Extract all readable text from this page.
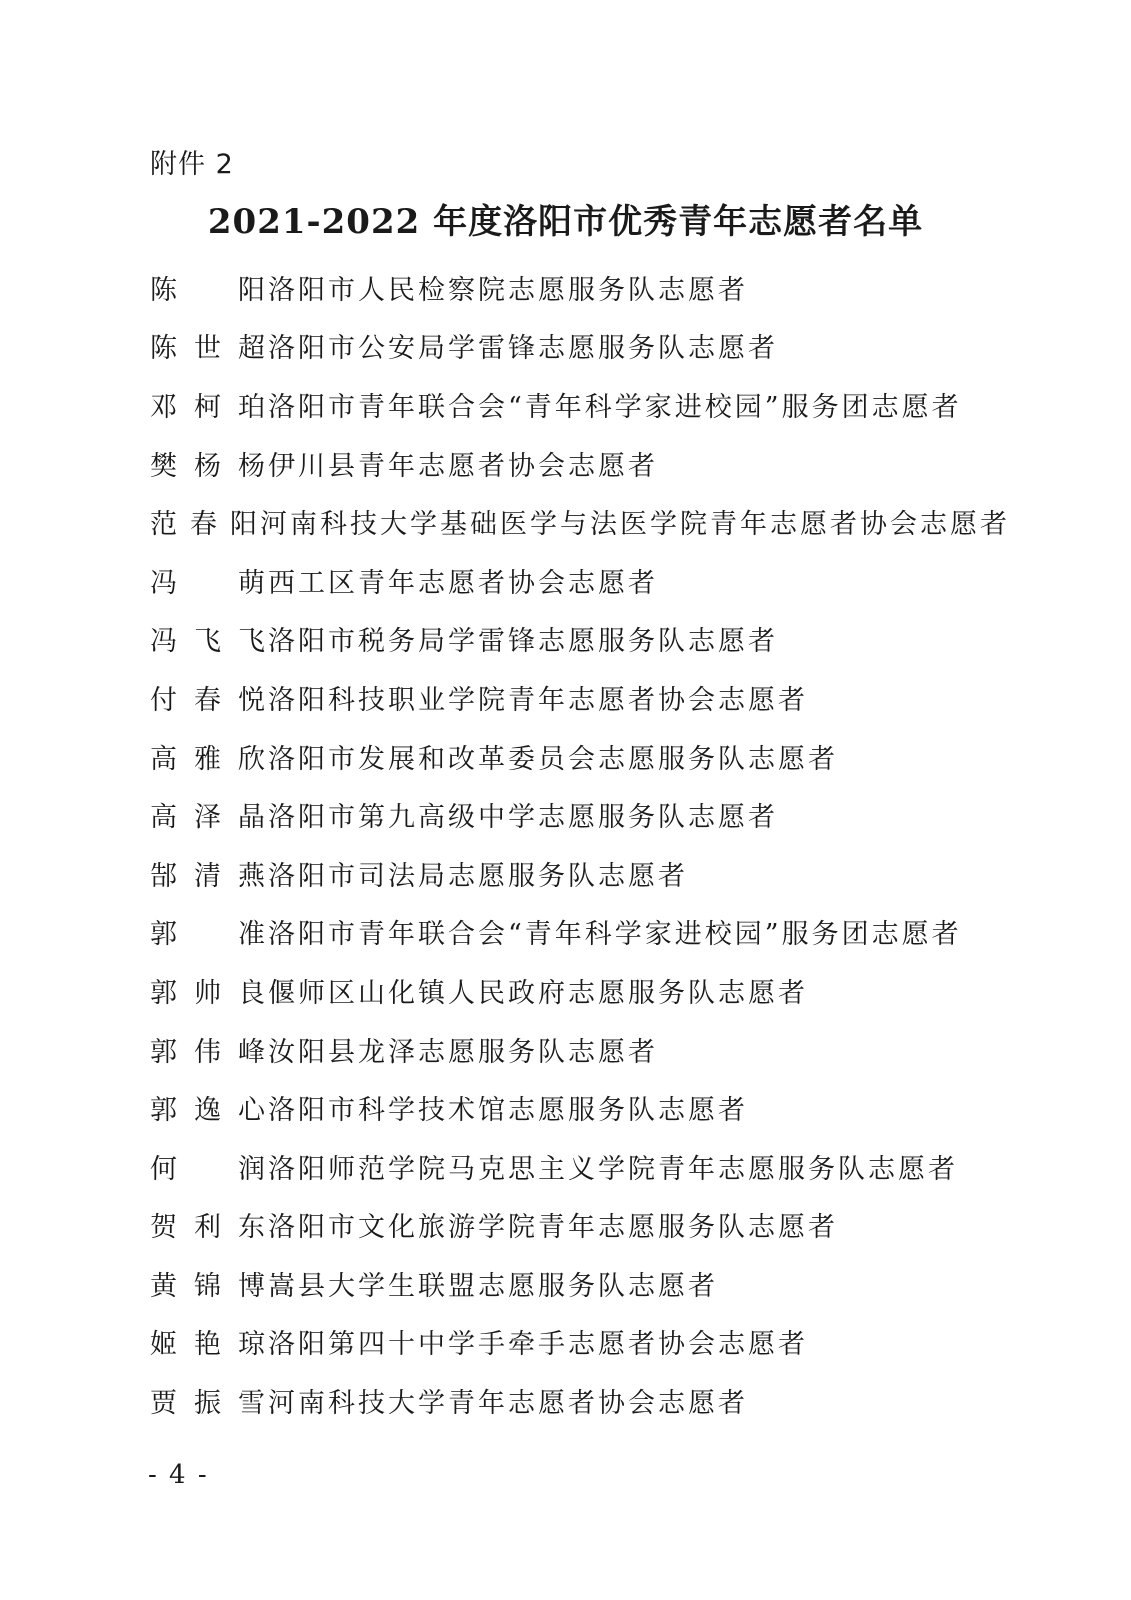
附件 2
2021-2022 年度洛阳市优秀青年志愿者名单
陈　阳 洛阳市人民检察院志愿服务队志愿者
陈世超 洛阳市公安局学雷锋志愿服务队志愿者
邓柯珀 洛阳市青年联合会“青年科学家进校园”服务团志愿者
樊杨杨 伊川县青年志愿者协会志愿者
范春阳 河南科技大学基础医学与法医学院青年志愿者协会志愿者
冯　萌 西工区青年志愿者协会志愿者
冯飞飞 洛阳市税务局学雷锋志愿服务队志愿者
付春悦 洛阳科技职业学院青年志愿者协会志愿者
高雅欣 洛阳市发展和改革委员会志愿服务队志愿者
高泽晶 洛阳市第九高级中学志愿服务队志愿者
郜清燕 洛阳市司法局志愿服务队志愿者
郭　准 洛阳市青年联合会“青年科学家进校园”服务团志愿者
郭帅良 偃师区山化镇人民政府志愿服务队志愿者
郭伟峰 汝阳县龙泽志愿服务队志愿者
郭逸心 洛阳市科学技术馆志愿服务队志愿者
何　润 洛阳师范学院马克思主义学院青年志愿服务队志愿者
贺利东 洛阳市文化旅游学院青年志愿服务队志愿者
黄锦博 嵩县大学生联盟志愿服务队志愿者
姬艳琼 洛阳第四十中学手牵手志愿者协会志愿者
贾振雪 河南科技大学青年志愿者协会志愿者
- 4 -
